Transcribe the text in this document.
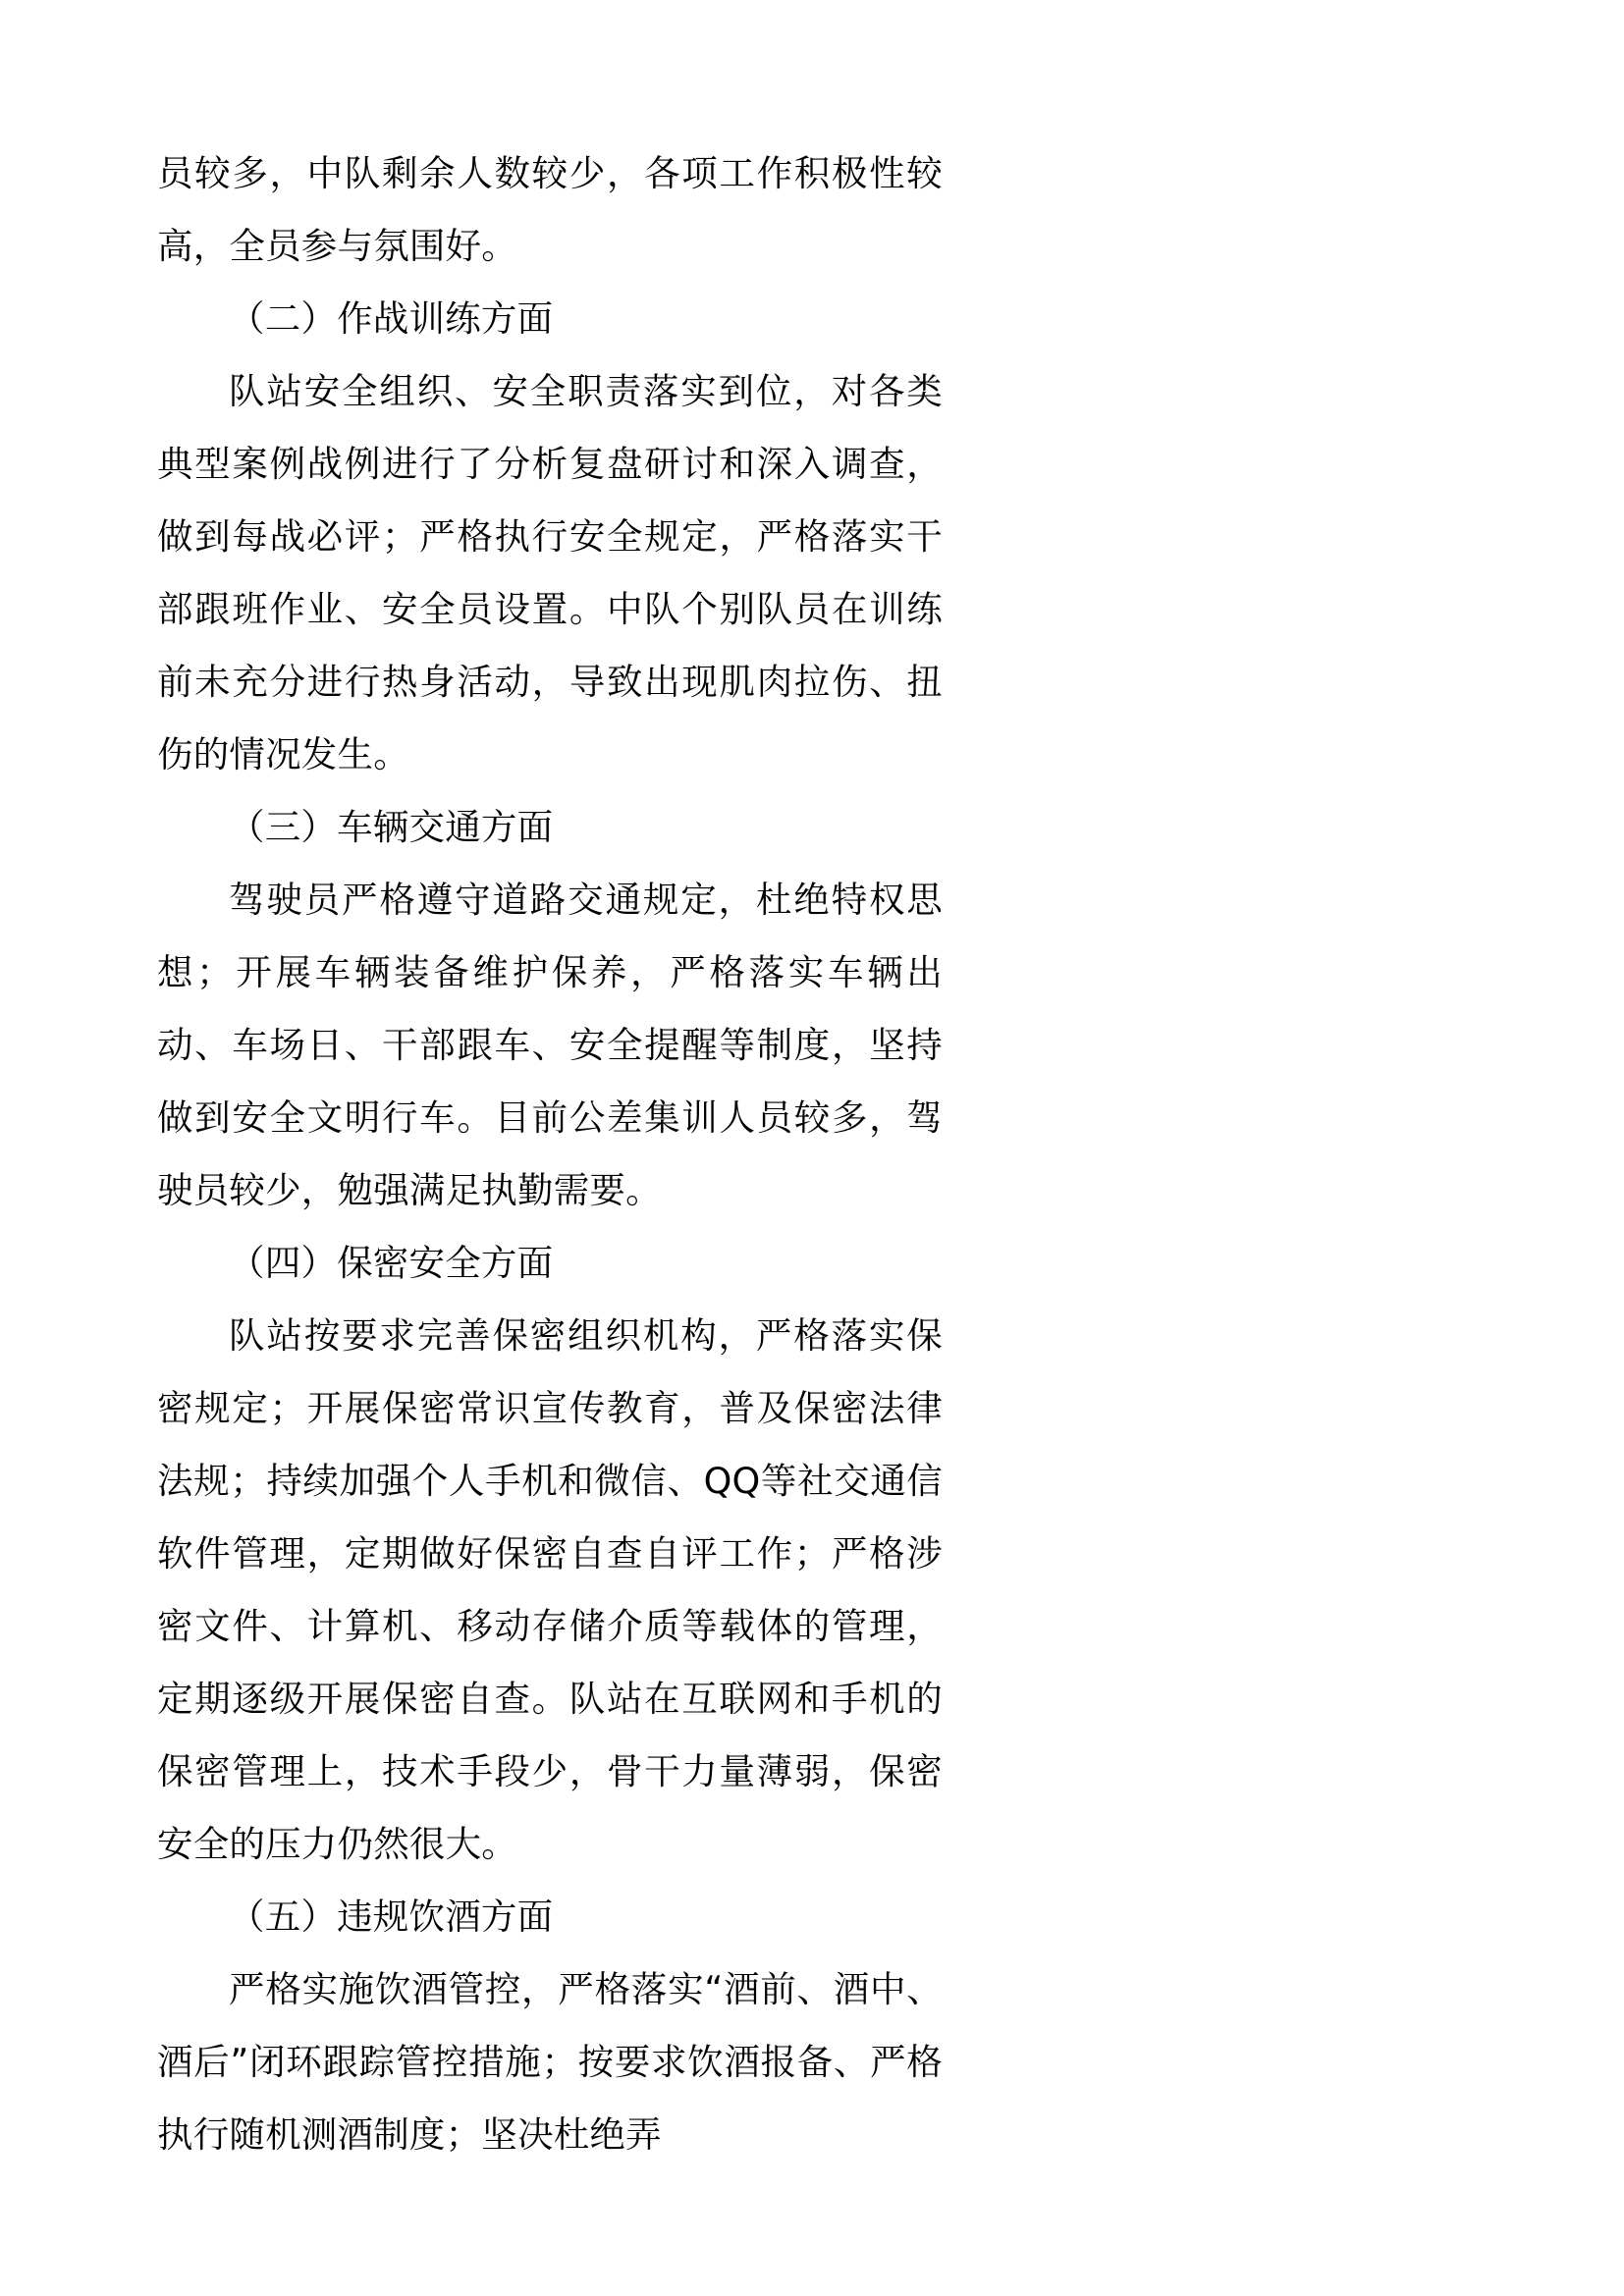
员较多，中队剩余人数较少，各项工作积极性较高，全员参与氛围好。

（二）作战训练方面

队站安全组织、安全职责落实到位，对各类典型案例战例进行了分析复盘研讨和深入调查，做到每战必评；严格执行安全规定，严格落实干部跟班作业、安全员设置。中队个别队员在训练前未充分进行热身活动，导致出现肌肉拉伤、扭伤的情况发生。

（三）车辆交通方面

驾驶员严格遵守道路交通规定，杜绝特权思想；开展车辆装备维护保养，严格落实车辆出动、车场日、干部跟车、安全提醒等制度，坚持做到安全文明行车。目前公差集训人员较多，驾驶员较少，勉强满足执勤需要。

（四）保密安全方面

队站按要求完善保密组织机构，严格落实保密规定；开展保密常识宣传教育，普及保密法律法规；持续加强个人手机和微信、QQ等社交通信软件管理，定期做好保密自查自评工作；严格涉密文件、计算机、移动存储介质等载体的管理，定期逐级开展保密自查。队站在互联网和手机的保密管理上，技术手段少，骨干力量薄弱，保密安全的压力仍然很大。

（五）违规饮酒方面

严格实施饮酒管控，严格落实“酒前、酒中、酒后”闭环跟踪管控措施；按要求饮酒报备、严格执行随机测酒制度；坚决杜绝弄
